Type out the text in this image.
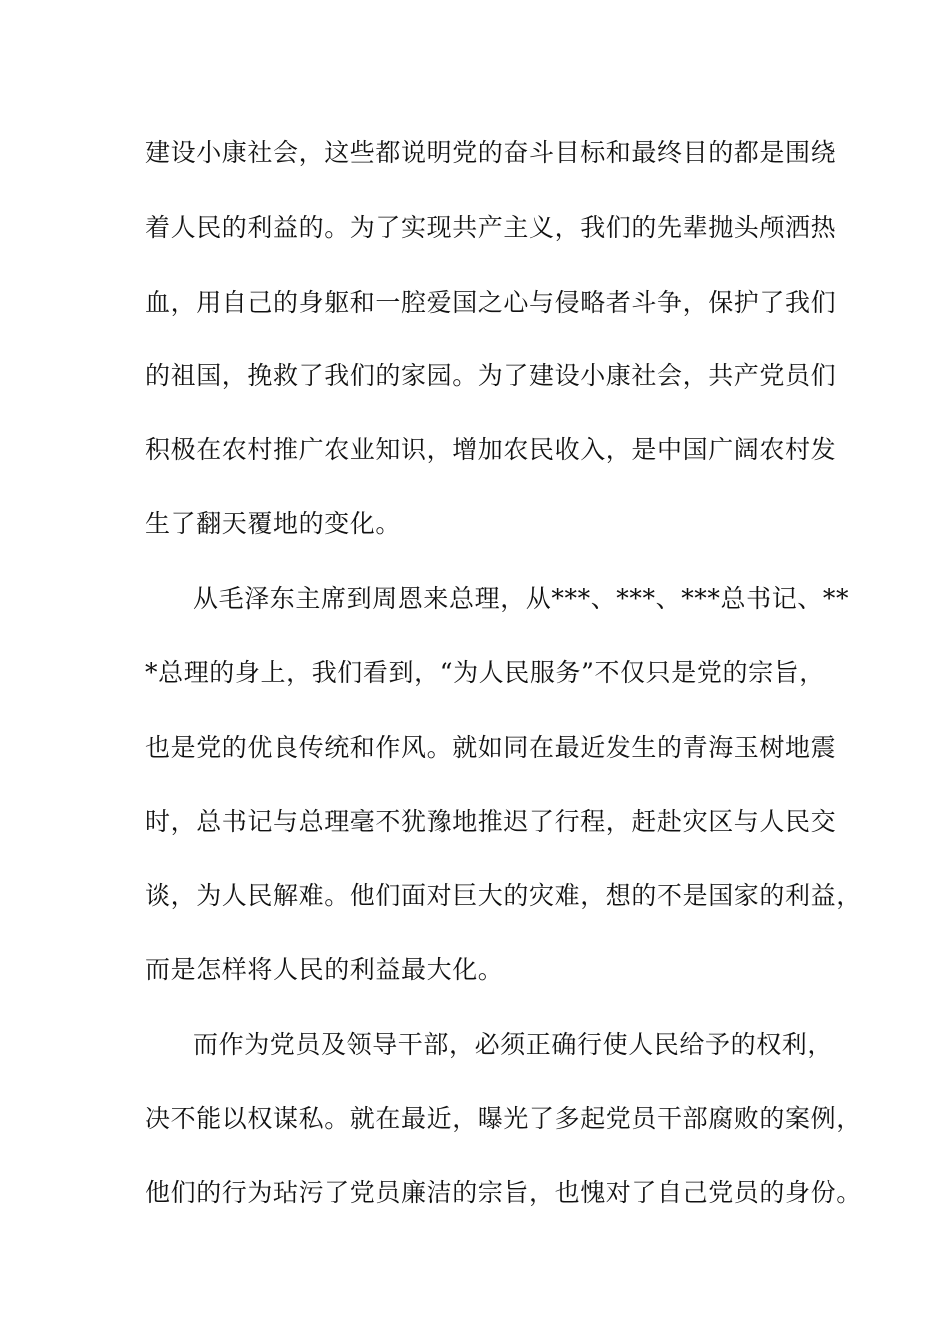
建设小康社会，这些都说明党的奋斗目标和最终目的都是围绕
着人民的利益的。为了实现共产主义，我们的先辈抛头颅洒热
血，用自己的身躯和一腔爱国之心与侵略者斗争，保护了我们
的祖国，挽救了我们的家园。为了建设小康社会，共产党员们
积极在农村推广农业知识，增加农民收入，是中国广阔农村发
生了翻天覆地的变化。
从毛泽东主席到周恩来总理，从***、***、***总书记、**
*总理的身上，我们看到，“为人民服务”不仅只是党的宗旨，
也是党的优良传统和作风。就如同在最近发生的青海玉树地震
时，总书记与总理毫不犹豫地推迟了行程，赶赴灾区与人民交
谈，为人民解难。他们面对巨大的灾难，想的不是国家的利益，
而是怎样将人民的利益最大化。
而作为党员及领导干部，必须正确行使人民给予的权利，
决不能以权谋私。就在最近，曝光了多起党员干部腐败的案例，
他们的行为玷污了党员廉洁的宗旨，也愧对了自己党员的身份。
